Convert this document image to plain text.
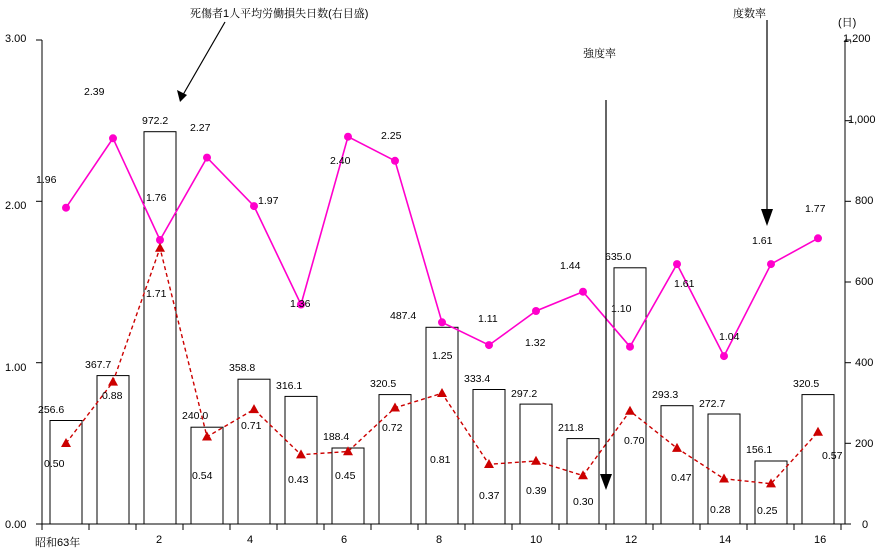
死傷者1人平均労働損失日数(右目盛)
強度率
度数率
(日)
3.00
2.00
1.00
0.00
1,200
1,000
800
600
400
200
0
昭和63年	2	4	6	8	10	12	14	16
256.6
367.7
972.2
240.0
358.8
316.1
188.4
320.5
487.4
333.4
297.2
211.8
635.0
293.3
272.7
156.1
320.5
1.96
2.39
1.76
2.27
1.97
1.36
2.40
2.25
1.25
1.11
1.32
1.44
1.10
1.61
1.04
1.61
1.77
0.50
0.88
1.71
0.54
0.71
0.43	0.45
0.72
0.81
0.37	0.39
0.30
0.70
0.47
0.28	0.25
0.57
